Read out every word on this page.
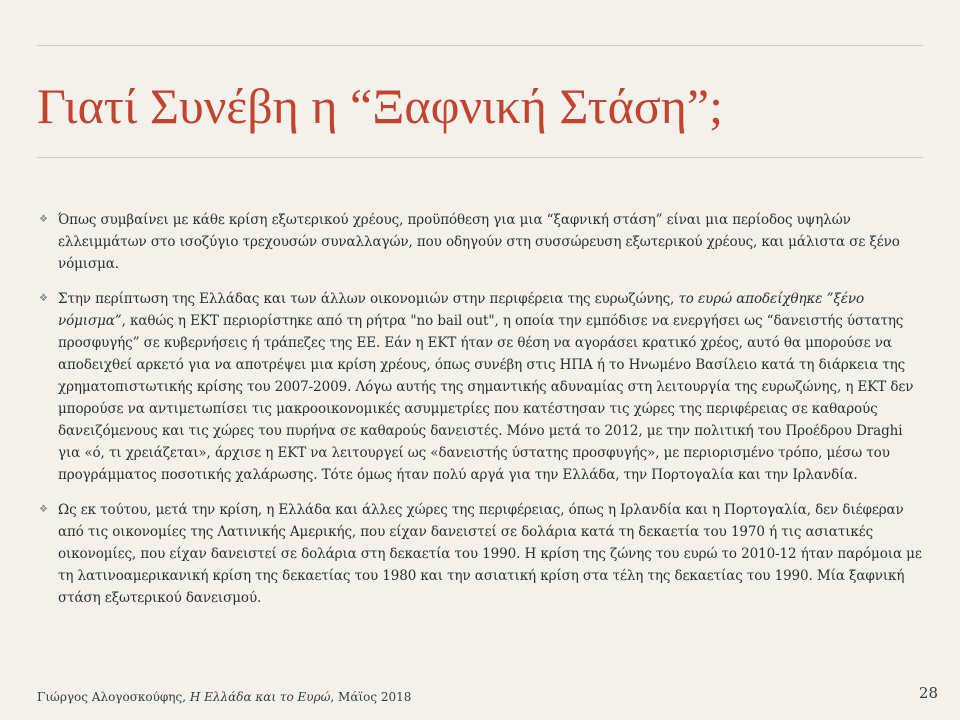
Γιατί Συνέβη η “Ξαφνική Στάση”;

❖ Όπως συμβαίνει με κάθε κρίση εξωτερικού χρέους, προϋπόθεση για μια “ξαφνική στάση” είναι μια περίοδος υψηλών ελλειμμάτων στο ισοζύγιο τρεχουσών συναλλαγών, που οδηγούν στη συσσώρευση εξωτερικού χρέους, και μάλιστα σε ξένο νόμισμα.

❖ Στην περίπτωση της Ελλάδας και των άλλων οικονομιών στην περιφέρεια της ευρωζώνης, το ευρώ αποδείχθηκε ”ξένο νόμισμα”, καθώς η ΕΚΤ περιορίστηκε από τη ρήτρα "no bail out", η οποία την εμπόδισε να ενεργήσει ως “δανειστής ύστατης προσφυγής” σε κυβερνήσεις ή τράπεζες της ΕΕ. Εάν η ΕΚΤ ήταν σε θέση να αγοράσει κρατικό χρέος, αυτό θα μπορούσε να αποδειχθεί αρκετό για να αποτρέψει μια κρίση χρέους, όπως συνέβη στις ΗΠΑ ή το Ηνωμένο Βασίλειο κατά τη διάρκεια της χρηματοπιστωτικής κρίσης του 2007-2009. Λόγω αυτής της σημαντικής αδυναμίας στη λειτουργία της ευρωζώνης, η ΕΚΤ δεν μπορούσε να αντιμετωπίσει τις μακροοικονομικές ασυμμετρίες που κατέστησαν τις χώρες της περιφέρειας σε καθαρούς δανειζόμενους και τις χώρες του πυρήνα σε καθαρούς δανειστές. Μόνο μετά το 2012, με την πολιτική του Προέδρου Draghi για «ό, τι χρειάζεται», άρχισε η ΕΚΤ να λειτουργεί ως «δανειστής ύστατης προσφυγής», με περιορισμένο τρόπο, μέσω του προγράμματος ποσοτικής χαλάρωσης. Τότε όμως ήταν πολύ αργά για την Ελλάδα, την Πορτογαλία και την Ιρλανδία.

❖ Ως εκ τούτου, μετά την κρίση, η Ελλάδα και άλλες χώρες της περιφέρειας, όπως η Ιρλανδία και η Πορτογαλία, δεν διέφεραν από τις οικονομίες της Λατινικής Αμερικής, που είχαν δανειστεί σε δολάρια κατά τη δεκαετία του 1970 ή τις ασιατικές οικονομίες, που είχαν δανειστεί σε δολάρια στη δεκαετία του 1990. Η κρίση της ζώνης του ευρώ το 2010-12 ήταν παρόμοια με τη λατινοαμερικανική κρίση της δεκαετίας του 1980 και την ασιατική κρίση στα τέλη της δεκαετίας του 1990. Μία ξαφνική στάση εξωτερικού δανεισμού.

Γιώργος Αλογοσκούφης, Η Ελλάδα και το Ευρώ, Μάϊος 2018	28
